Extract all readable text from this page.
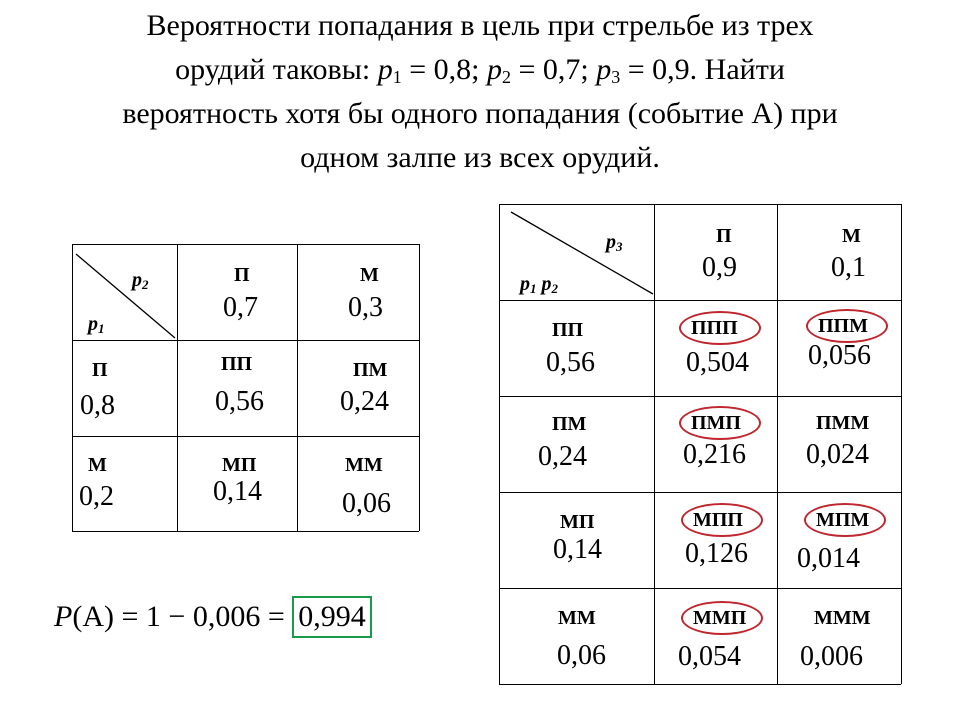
Вероятности попадания в цель при стрельбе из трех
орудий таковы: $p_1 = 0,8$; $p_2 = 0,7$; $p_3 = 0,9$. Найти
вероятность хотя бы одного попадания (событие А) при
одном залпе из всех орудий.
$p_2$
$p_1$
П
0,7
М
0,3
П
0,8
ПП
0,56
ПМ
0,24
М
0,2
МП
0,14
ММ
0,06
$p_3$
$p_1$ $p_2$
П
0,9
М
0,1
ПП
0,56
ППП
0,504
ППМ
0,056
ПМ
0,24
ПМП
0,216
ПММ
0,024
МП
0,14
МПП
0,126
МПМ
0,014
ММ
0,06
ММП
0,054
МММ
0,006
P(A) = 1 − 0,006 = 0,994
